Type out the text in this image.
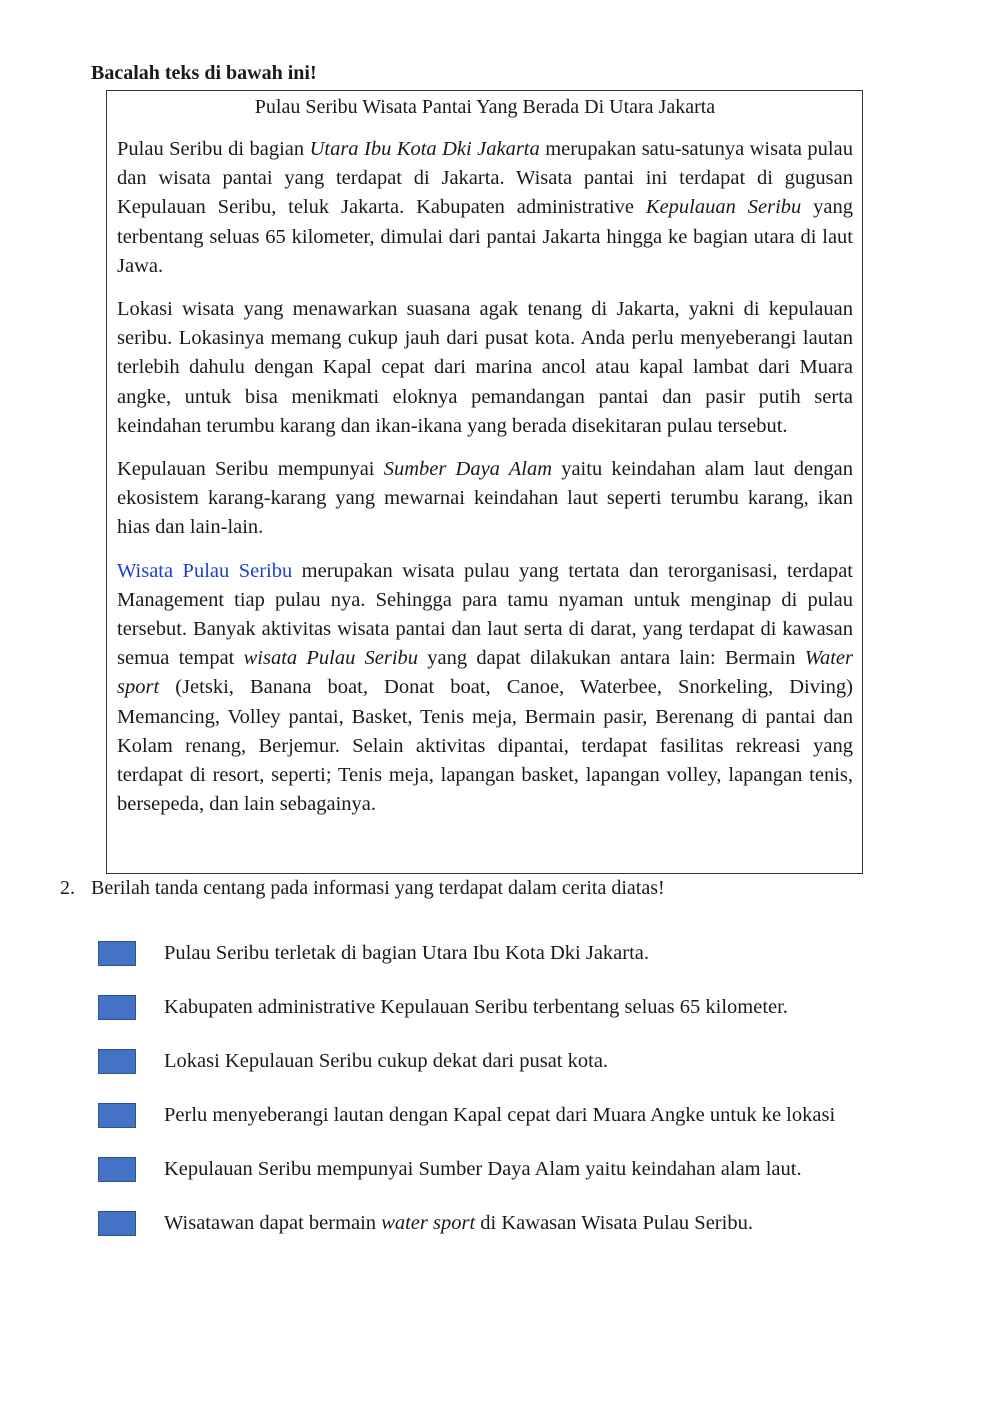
Bacalah teks di bawah ini!
Pulau Seribu Wisata Pantai Yang Berada Di Utara Jakarta

Pulau Seribu di bagian Utara Ibu Kota Dki Jakarta merupakan satu-satunya wisata pulau dan wisata pantai yang terdapat di Jakarta. Wisata pantai ini terdapat di gugusan Kepulauan Seribu, teluk Jakarta. Kabupaten administrative Kepulauan Seribu yang terbentang seluas 65 kilometer, dimulai dari pantai Jakarta hingga ke bagian utara di laut Jawa.

Lokasi wisata yang menawarkan suasana agak tenang di Jakarta, yakni di kepulauan seribu. Lokasinya memang cukup jauh dari pusat kota. Anda perlu menyeberangi lautan terlebih dahulu dengan Kapal cepat dari marina ancol atau kapal lambat dari Muara angke, untuk bisa menikmati eloknya pemandangan pantai dan pasir putih serta keindahan terumbu karang dan ikan-ikana yang berada disekitaran pulau tersebut.

Kepulauan Seribu mempunyai Sumber Daya Alam yaitu keindahan alam laut dengan ekosistem karang-karang yang mewarnai keindahan laut seperti terumbu karang, ikan hias dan lain-lain.

Wisata Pulau Seribu merupakan wisata pulau yang tertata dan terorganisasi, terdapat Management tiap pulau nya. Sehingga para tamu nyaman untuk menginap di pulau tersebut. Banyak aktivitas wisata pantai dan laut serta di darat, yang terdapat di kawasan semua tempat wisata Pulau Seribu yang dapat dilakukan antara lain: Bermain Water sport (Jetski, Banana boat, Donat boat, Canoe, Waterbee, Snorkeling, Diving) Memancing, Volley pantai, Basket, Tenis meja, Bermain pasir, Berenang di pantai dan Kolam renang, Berjemur. Selain aktivitas dipantai, terdapat fasilitas rekreasi yang terdapat di resort, seperti; Tenis meja, lapangan basket, lapangan volley, lapangan tenis, bersepeda, dan lain sebagainya.

2. Berilah tanda centang pada informasi yang terdapat dalam cerita diatas!
Pulau Seribu terletak di bagian Utara Ibu Kota Dki Jakarta.
Kabupaten administrative Kepulauan Seribu terbentang seluas 65 kilometer.
Lokasi Kepulauan Seribu cukup dekat dari pusat kota.
Perlu menyeberangi lautan dengan Kapal cepat dari Muara Angke untuk ke lokasi
Kepulauan Seribu mempunyai Sumber Daya Alam yaitu keindahan alam laut.
Wisatawan dapat bermain water sport di Kawasan Wisata Pulau Seribu.
